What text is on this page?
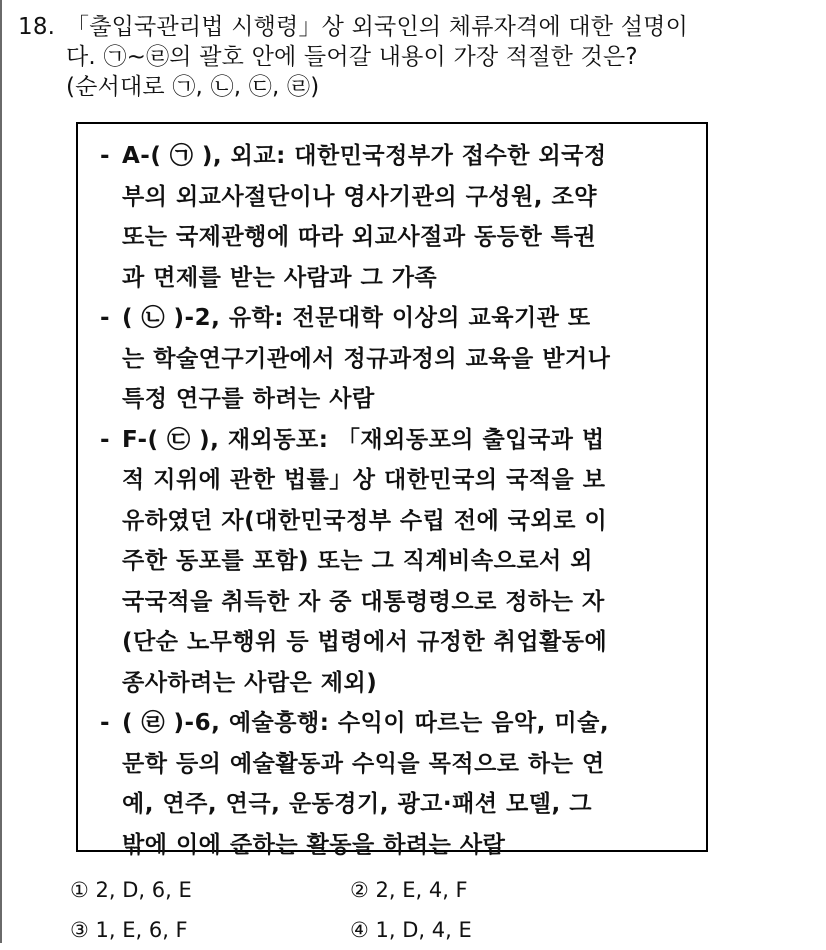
18. 「출입국관리법 시행령」상 외국인의 체류자격에 대한 설명이
다. ㉠~㉣의 괄호 안에 들어갈 내용이 가장 적절한 것은?
(순서대로 ㉠, ㉡, ㉢, ㉣)
- A-( ㉠ ), 외교: 대한민국정부가 접수한 외국정
부의 외교사절단이나 영사기관의 구성원, 조약
또는 국제관행에 따라 외교사절과 동등한 특권
과 면제를 받는 사람과 그 가족
- ( ㉡ )-2, 유학: 전문대학 이상의 교육기관 또
는 학술연구기관에서 정규과정의 교육을 받거나
특정 연구를 하려는 사람
- F-( ㉢ ), 재외동포: 「재외동포의 출입국과 법
적 지위에 관한 법률」상 대한민국의 국적을 보
유하였던 자(대한민국정부 수립 전에 국외로 이
주한 동포를 포함) 또는 그 직계비속으로서 외
국국적을 취득한 자 중 대통령령으로 정하는 자
(단순 노무행위 등 법령에서 규정한 취업활동에
종사하려는 사람은 제외)
- ( ㉣ )-6, 예술흥행: 수익이 따르는 음악, 미술,
문학 등의 예술활동과 수익을 목적으로 하는 연
예, 연주, 연극, 운동경기, 광고·패션 모델, 그
밖에 이에 준하는 활동을 하려는 사람
① 2, D, 6, E	② 2, E, 4, F
③ 1, E, 6, F	④ 1, D, 4, E
